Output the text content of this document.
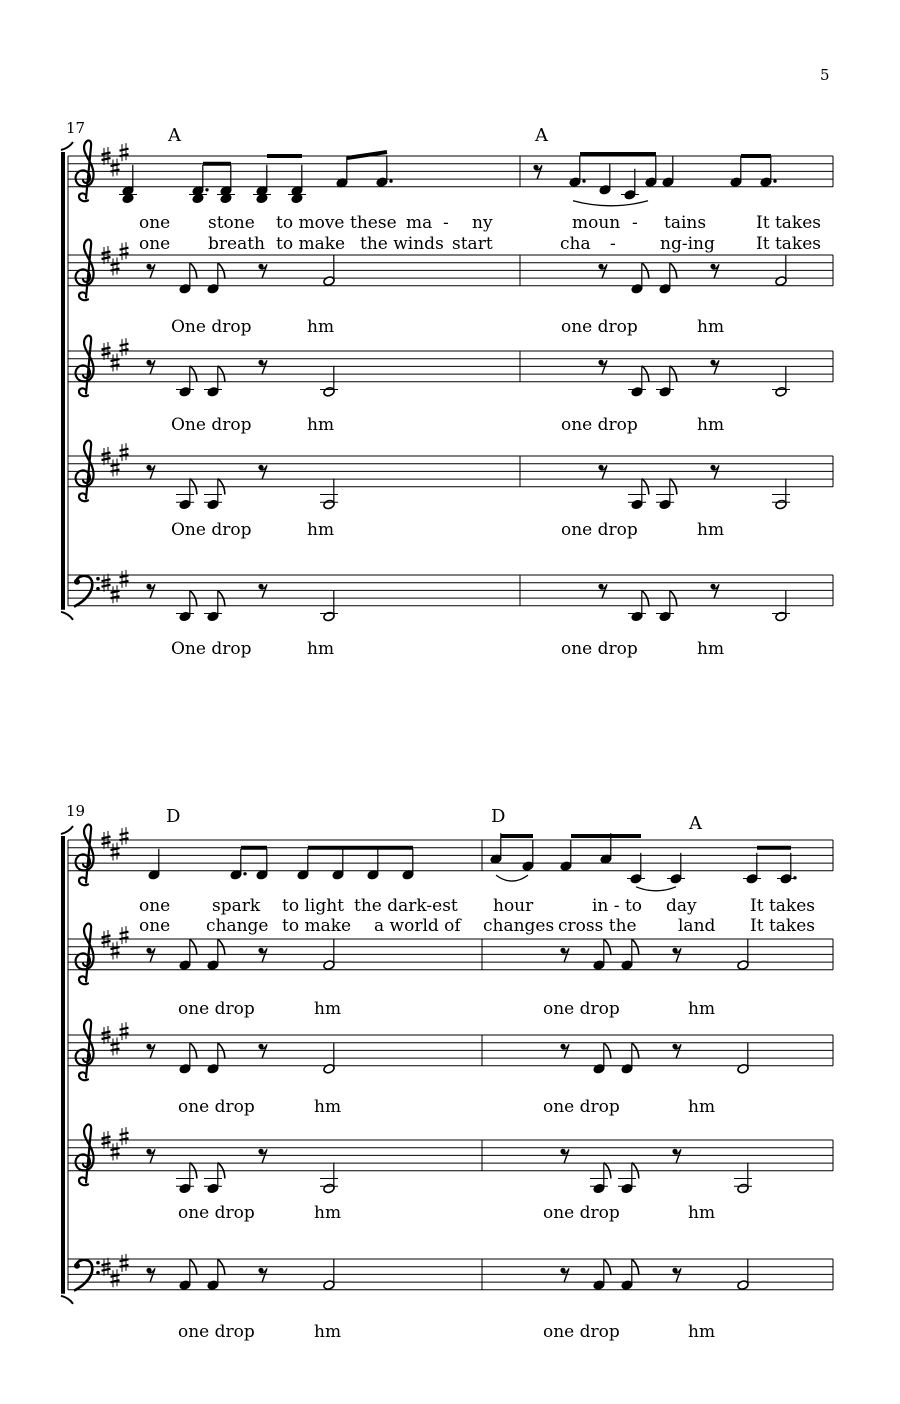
5
17	A	A
one stone to move these ma - ny	moun - tains	It takes
one breath to make the winds start	cha -	ng-ing It takes
One drop	hm	one drop	hm
One drop	hm	one drop	hm
One drop	hm	one drop	hm
One drop	hm	one drop	hm
19	D	D	A
one spark to light the dark-est hour	in - to day	It takes
one change to make a world of changes cross the land It takes
one drop	hm	one drop	hm
one drop	hm	one drop	hm
one drop	hm	one drop	hm
one drop	hm	one drop	hm
